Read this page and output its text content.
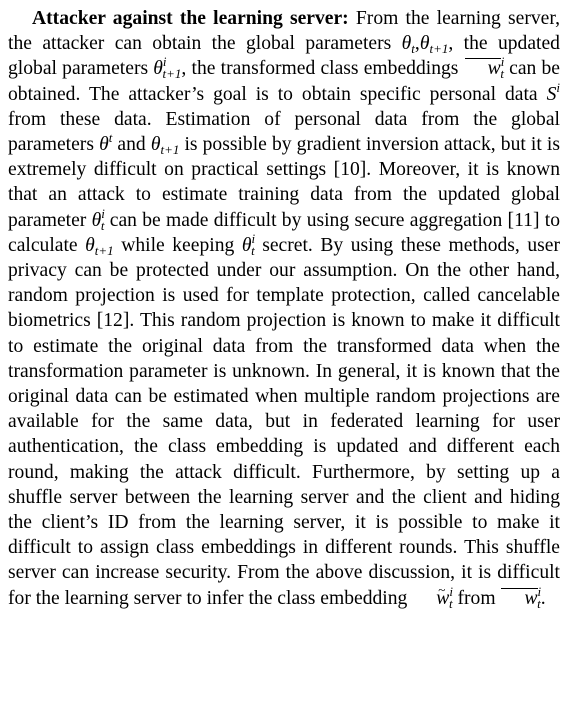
Attacker against the learning server: From the learning server, the attacker can obtain the global parameters $\theta_t,\theta_{t+1}$, the updated global parameters $\theta^i_{t+1}$, the transformed class embeddings $w^i_t$ can be obtained. The attacker’s goal is to obtain specific personal data $S^i$ from these data. Estimation of personal data from the global parameters $\theta^t$ and $\theta_{t+1}$ is possible by gradient inversion attack, but it is extremely difficult on practical settings [10]. Moreover, it is known that an attack to estimate training data from the updated global parameter $\theta^i_t$ can be made difficult by using secure aggregation [11] to calculate $\theta_{t+1}$ while keeping $\theta^i_t$ secret. By using these methods, user privacy can be protected under our assumption. On the other hand, random projection is used for template protection, called cancelable biometrics [12]. This random projection is known to make it difficult to estimate the original data from the transformed data when the transformation parameter is unknown. In general, it is known that the original data can be estimated when multiple random projections are available for the same data, but in federated learning for user authentication, the class embedding is updated and different each round, making the attack difficult. Furthermore, by setting up a shuffle server between the learning server and the client and hiding the client’s ID from the learning server, it is possible to make it difficult to assign class embeddings in different rounds. This shuffle server can increase security. From the above discussion, it is difficult for the learning server to infer the class embedding ~ $w^i_t$ from $w^i_t$.
